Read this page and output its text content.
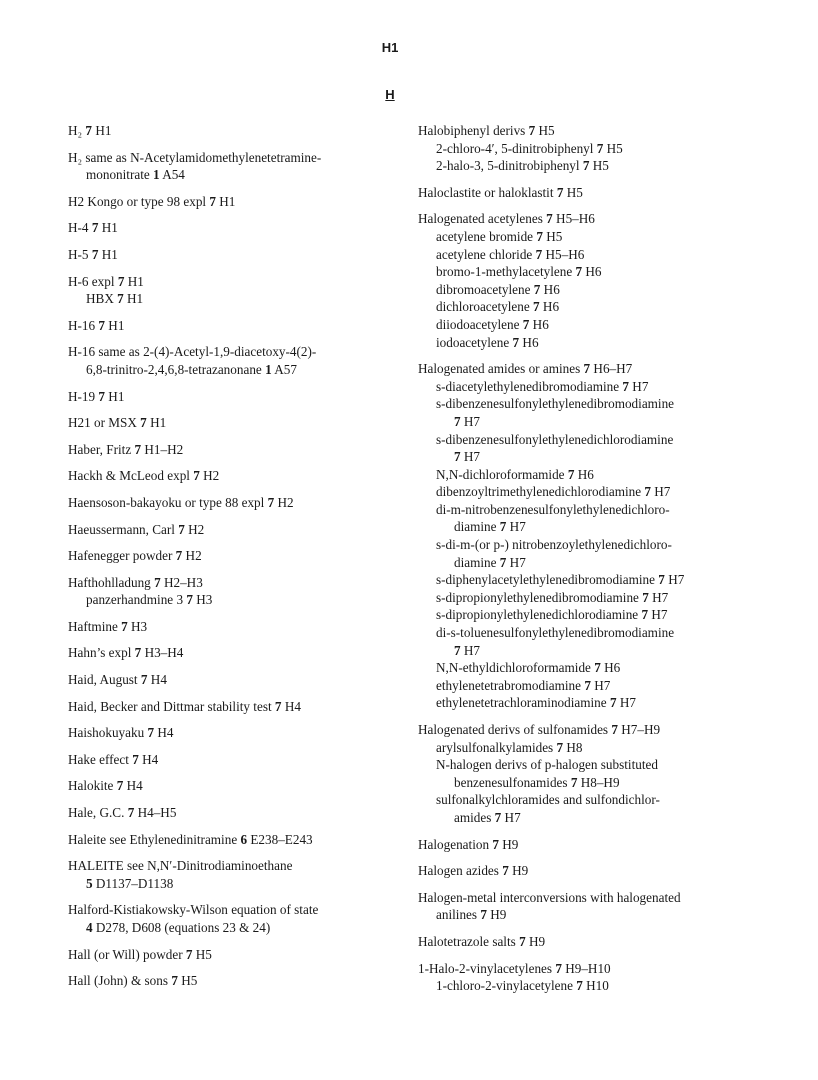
H1
H
H₂ 7 H1
H₂ same as N-Acetylamidomethylenetetramine-
mononitrate 1 A54
H2 Kongo or type 98 expl 7 H1
H-4 7 H1
H-5 7 H1
H-6 expl 7 H1
HBX 7 H1
H-16 7 H1
H-16 same as 2-(4)-Acetyl-1,9-diacetoxy-4(2)-
6,8-trinitro-2,4,6,8-tetrazanonane 1 A57
H-19 7 H1
H21 or MSX 7 H1
Haber, Fritz 7 H1–H2
Hackh & McLeod expl 7 H2
Haensoson-bakayoku or type 88 expl 7 H2
Haeussermann, Carl 7 H2
Hafenegger powder 7 H2
Hafthohlladung 7 H2–H3
panzerhandmine 3 7 H3
Haftmine 7 H3
Hahn’s expl 7 H3–H4
Haid, August 7 H4
Haid, Becker and Dittmar stability test 7 H4
Haishokuyaku 7 H4
Hake effect 7 H4
Halokite 7 H4
Hale, G.C. 7 H4–H5
Haleite see Ethylenedinitramine 6 E238–E243
HALEITE see N,N′-Dinitrodiaminoethane
5 D1137–D1138
Halford-Kistiakowsky-Wilson equation of state
4 D278, D608 (equations 23 & 24)
Hall (or Will) powder 7 H5
Hall (John) & sons 7 H5
Halobiphenyl derivs 7 H5
2-chloro-4′, 5-dinitrobiphenyl 7 H5
2-halo-3, 5-dinitrobiphenyl 7 H5
Haloclastite or haloklastit 7 H5
Halogenated acetylenes 7 H5–H6
acetylene bromide 7 H5
acetylene chloride 7 H5–H6
bromo-1-methylacetylene 7 H6
dibromoacetylene 7 H6
dichloroacetylene 7 H6
diiodoacetylene 7 H6
iodoacetylene 7 H6
Halogenated amides or amines 7 H6–H7
s-diacetylethylenedibromodiamine 7 H7
s-dibenzenesulfonylethylenedibromodiamine
7 H7
s-dibenzenesulfonylethylenedichlorodiamine
7 H7
N,N-dichloroformamide 7 H6
dibenzoyltrimethylenedichlorodiamine 7 H7
di-m-nitrobenzenesulfonylethylenedichloro-
diamine 7 H7
s-di-m-(or p-) nitrobenzoylethylenedichloro-
diamine 7 H7
s-diphenylacetylethylenedibromodiamine 7 H7
s-dipropionylethylenedibromodiamine 7 H7
s-dipropionylethylenedichlorodiamine 7 H7
di-s-toluenesulfonylethylenedibromodiamine
7 H7
N,N-ethyldichloroformamide 7 H6
ethylenetetrabromodiamine 7 H7
ethylenetetrachloraminodiamine 7 H7
Halogenated derivs of sulfonamides 7 H7–H9
arylsulfonalkylamides 7 H8
N-halogen derivs of p-halogen substituted
benzenesulfonamides 7 H8–H9
sulfonalkylchloramides and sulfondichlor-
amides 7 H7
Halogenation 7 H9
Halogen azides 7 H9
Halogen-metal interconversions with halogenated
anilines 7 H9
Halotetrazole salts 7 H9
1-Halo-2-vinylacetylenes 7 H9–H10
1-chloro-2-vinylacetylene 7 H10
